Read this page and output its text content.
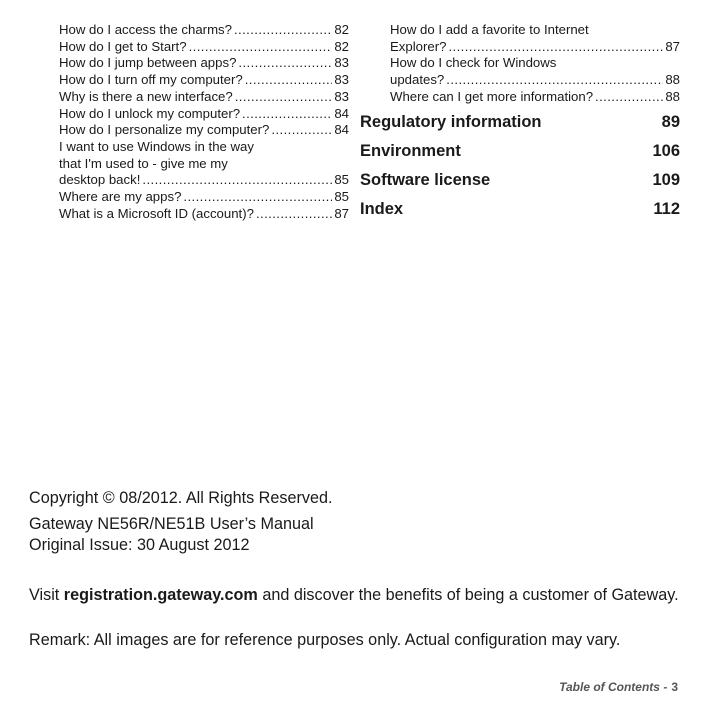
How do I access the charms? .....	82
How do I get to Start? .....	82
How do I jump between apps? .....	83
How do I turn off my computer? .....	83
Why is there a new interface? .....	83
How do I unlock my computer? .....	84
How do I personalize my computer? .....	84
I want to use Windows in the way
that I'm used to - give me my
desktop back! .....	85
Where are my apps? .....	85
What is a Microsoft ID (account)? .....	87
How do I add a favorite to Internet
Explorer? .....	87
How do I check for Windows
updates? .....	88
Where can I get more information? .....	88
Regulatory information	89
Environment	106
Software license	109
Index	112
Copyright © 08/2012. All Rights Reserved.
Gateway NE56R/NE51B User’s Manual
Original Issue: 30 August 2012
Visit registration.gateway.com and discover the benefits of being a customer of Gateway.
Remark: All images are for reference purposes only. Actual configuration may vary.
Table of Contents - 3
